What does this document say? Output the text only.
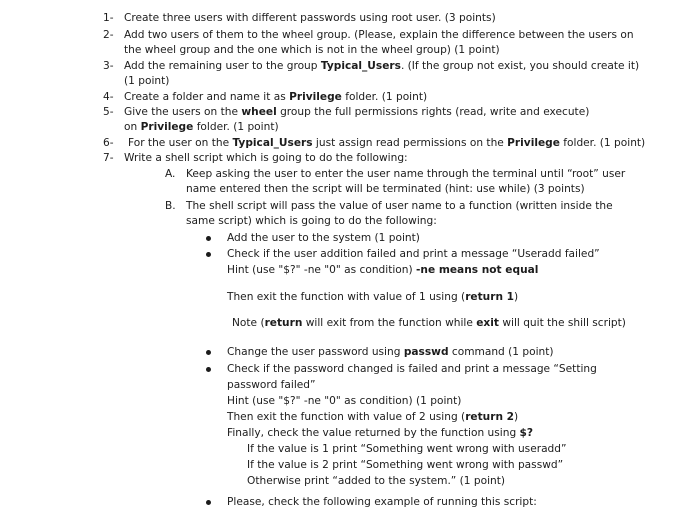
1- Create three users with different passwords using root user. (3 points)
2- Add two users of them to the wheel group. (Please, explain the difference between the users on
the wheel group and the one which is not in the wheel group) (1 point)
3- Add the remaining user to the group Typical_Users. (If the group not exist, you should create it)
(1 point)
4- Create a folder and name it as Privilege folder. (1 point)
5- Give the users on the wheel group the full permissions rights (read, write and execute)
on Privilege folder. (1 point)
6- For the user on the Typical_Users just assign read permissions on the Privilege folder. (1 point)
7- Write a shell script which is going to do the following:
A. Keep asking the user to enter the user name through the terminal until “root” user
name entered then the script will be terminated (hint: use while) (3 points)
B. The shell script will pass the value of user name to a function (written inside the
same script) which is going to do the following:
Add the user to the system (1 point)
Check if the user addition failed and print a message “Useradd failed”
Hint (use "$?" -ne "0" as condition) -ne means not equal
Then exit the function with value of 1 using (return 1)
Note (return will exit from the function while exit will quit the shill script)
Change the user password using passwd command (1 point)
Check if the password changed is failed and print a message “Setting
password failed”
Hint (use "$?" -ne "0" as condition) (1 point)
Then exit the function with value of 2 using (return 2)
Finally, check the value returned by the function using $?
If the value is 1 print “Something went wrong with useradd”
If the value is 2 print “Something went wrong with passwd”
Otherwise print “added to the system.” (1 point)
Please, check the following example of running this script:
